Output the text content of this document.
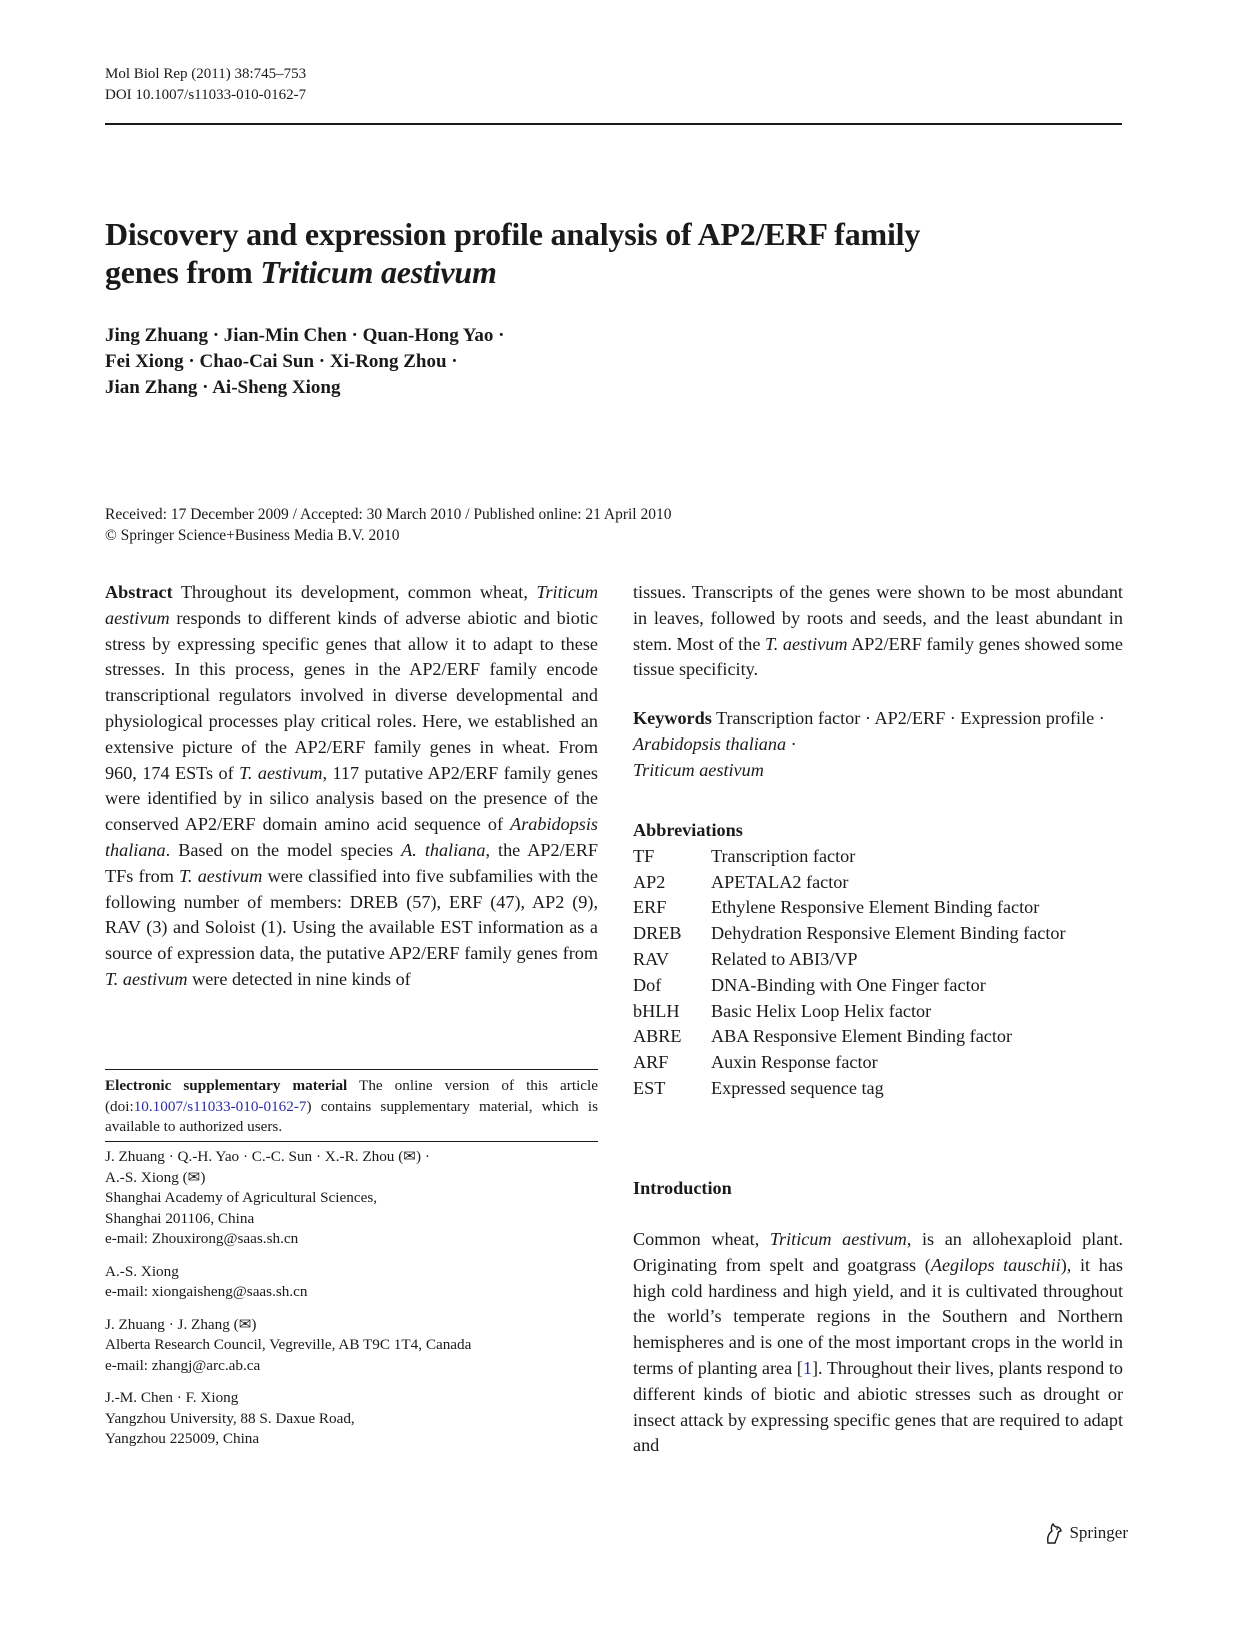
Mol Biol Rep (2011) 38:745–753
DOI 10.1007/s11033-010-0162-7
Discovery and expression profile analysis of AP2/ERF family
genes from Triticum aestivum
Jing Zhuang · Jian-Min Chen · Quan-Hong Yao ·
Fei Xiong · Chao-Cai Sun · Xi-Rong Zhou ·
Jian Zhang · Ai-Sheng Xiong
Received: 17 December 2009 / Accepted: 30 March 2010 / Published online: 21 April 2010
© Springer Science+Business Media B.V. 2010
Abstract Throughout its development, common wheat, Triticum aestivum responds to different kinds of adverse abiotic and biotic stress by expressing specific genes that allow it to adapt to these stresses. In this process, genes in the AP2/ERF family encode transcriptional regulators involved in diverse developmental and physiological processes play critical roles. Here, we established an extensive picture of the AP2/ERF family genes in wheat. From 960, 174 ESTs of T. aestivum, 117 putative AP2/ERF family genes were identified by in silico analysis based on the presence of the conserved AP2/ERF domain amino acid sequence of Arabidopsis thaliana. Based on the model species A. thaliana, the AP2/ERF TFs from T. aestivum were classified into five subfamilies with the following number of members: DREB (57), ERF (47), AP2 (9), RAV (3) and Soloist (1). Using the available EST information as a source of expression data, the putative AP2/ERF family genes from T. aestivum were detected in nine kinds of
Electronic supplementary material The online version of this article (doi:10.1007/s11033-010-0162-7) contains supplementary material, which is available to authorized users.
J. Zhuang · Q.-H. Yao · C.-C. Sun · X.-R. Zhou (✉) ·
A.-S. Xiong (✉)
Shanghai Academy of Agricultural Sciences,
Shanghai 201106, China
e-mail: Zhouxirong@saas.sh.cn
A.-S. Xiong
e-mail: xiongaisheng@saas.sh.cn
J. Zhuang · J. Zhang (✉)
Alberta Research Council, Vegreville, AB T9C 1T4, Canada
e-mail: zhangj@arc.ab.ca
J.-M. Chen · F. Xiong
Yangzhou University, 88 S. Daxue Road,
Yangzhou 225009, China
tissues. Transcripts of the genes were shown to be most abundant in leaves, followed by roots and seeds, and the least abundant in stem. Most of the T. aestivum AP2/ERF family genes showed some tissue specificity.
Keywords Transcription factor · AP2/ERF · Expression profile · Arabidopsis thaliana ·
Triticum aestivum
Abbreviations
TF	Transcription factor
AP2	APETALA2 factor
ERF	Ethylene Responsive Element Binding factor
DREB	Dehydration Responsive Element Binding factor
RAV	Related to ABI3/VP
Dof	DNA-Binding with One Finger factor
bHLH	Basic Helix Loop Helix factor
ABRE	ABA Responsive Element Binding factor
ARF	Auxin Response factor
EST	Expressed sequence tag
Introduction
Common wheat, Triticum aestivum, is an allohexaploid plant. Originating from spelt and goatgrass (Aegilops tauschii), it has high cold hardiness and high yield, and it is cultivated throughout the world’s temperate regions in the Southern and Northern hemispheres and is one of the most important crops in the world in terms of planting area [1]. Throughout their lives, plants respond to different kinds of biotic and abiotic stresses such as drought or insect attack by expressing specific genes that are required to adapt and
Springer
